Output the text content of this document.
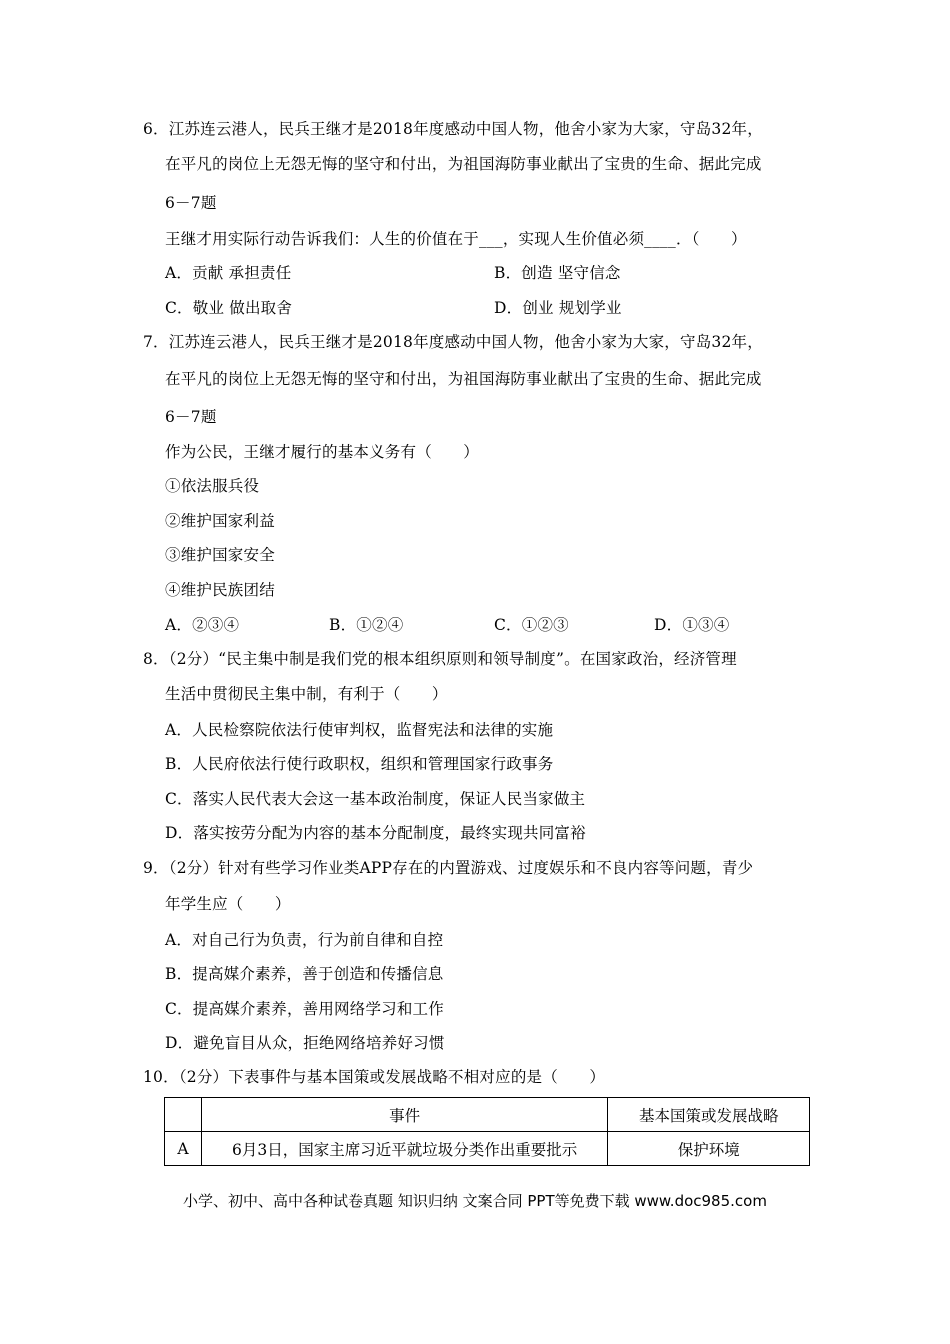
6．江苏连云港人，民兵王继才是2018年度感动中国人物，他舍小家为大家，守岛32年，
在平凡的岗位上无怨无悔的坚守和付出，为祖国海防事业献出了宝贵的生命、据此完成
6－7题
王继才用实际行动告诉我们：人生的价值在于___，实现人生价值必须____．（　　）
A．贡献 承担责任	B．创造 坚守信念
C．敬业 做出取舍	D．创业 规划学业
7．江苏连云港人，民兵王继才是2018年度感动中国人物，他舍小家为大家，守岛32年，
在平凡的岗位上无怨无悔的坚守和付出，为祖国海防事业献出了宝贵的生命、据此完成
6－7题
作为公民，王继才履行的基本义务有（　　）
①依法服兵役
②维护国家利益
③维护国家安全
④维护民族团结
A．②③④	B．①②④	C．①②③	D．①③④
8．（2分）“民主集中制是我们党的根本组织原则和领导制度”。在国家政治，经济管理
生活中贯彻民主集中制，有利于（　　）
A．人民检察院依法行使审判权，监督宪法和法律的实施
B．人民府依法行使行政职权，组织和管理国家行政事务
C．落实人民代表大会这一基本政治制度，保证人民当家做主
D．落实按劳分配为内容的基本分配制度，最终实现共同富裕
9．（2分）针对有些学习作业类APP存在的内置游戏、过度娱乐和不良内容等问题，青少
年学生应（　　）
A．对自己行为负责，行为前自律和自控
B．提高媒介素养，善于创造和传播信息
C．提高媒介素养，善用网络学习和工作
D．避免盲目从众，拒绝网络培养好习惯
10．（2分）下表事件与基本国策或发展战略不相对应的是（　　）
	事件	基本国策或发展战略
A	6月3日，国家主席习近平就垃圾分类作出重要批示	保护环境
小学、初中、高中各种试卷真题 知识归纳 文案合同 PPT等免费下载 www.doc985.com
